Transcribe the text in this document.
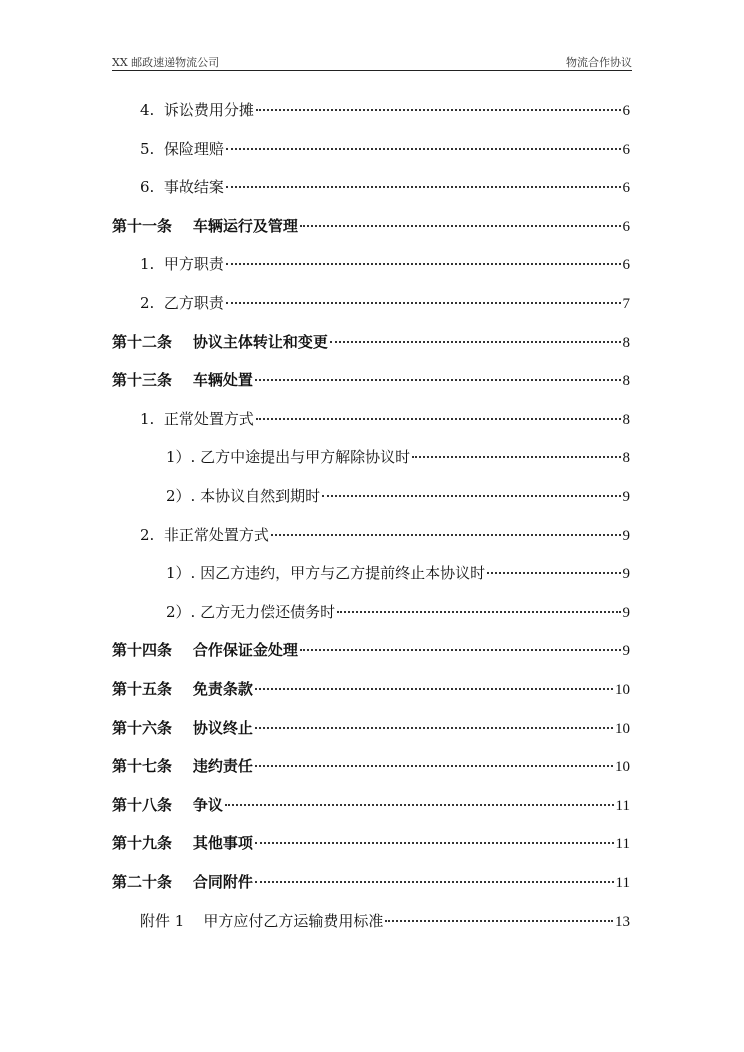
XX 邮政速递物流公司	物流合作协议
4.  诉讼费用分摊	6
5.  保险理赔	6
6.  事故结案	6
第十一条    车辆运行及管理	6
1.  甲方职责	6
2.  乙方职责	7
第十二条    协议主体转让和变更	8
第十三条    车辆处置	8
1.  正常处置方式	8
1）. 乙方中途提出与甲方解除协议时	8
2）. 本协议自然到期时	9
2.  非正常处置方式	9
1）. 因乙方违约，甲方与乙方提前终止本协议时	9
2）. 乙方无力偿还债务时	9
第十四条    合作保证金处理	9
第十五条    免责条款	10
第十六条    协议终止	10
第十七条    违约责任	10
第十八条    争议	11
第十九条    其他事项	11
第二十条    合同附件	11
附件 1    甲方应付乙方运输费用标准	13
